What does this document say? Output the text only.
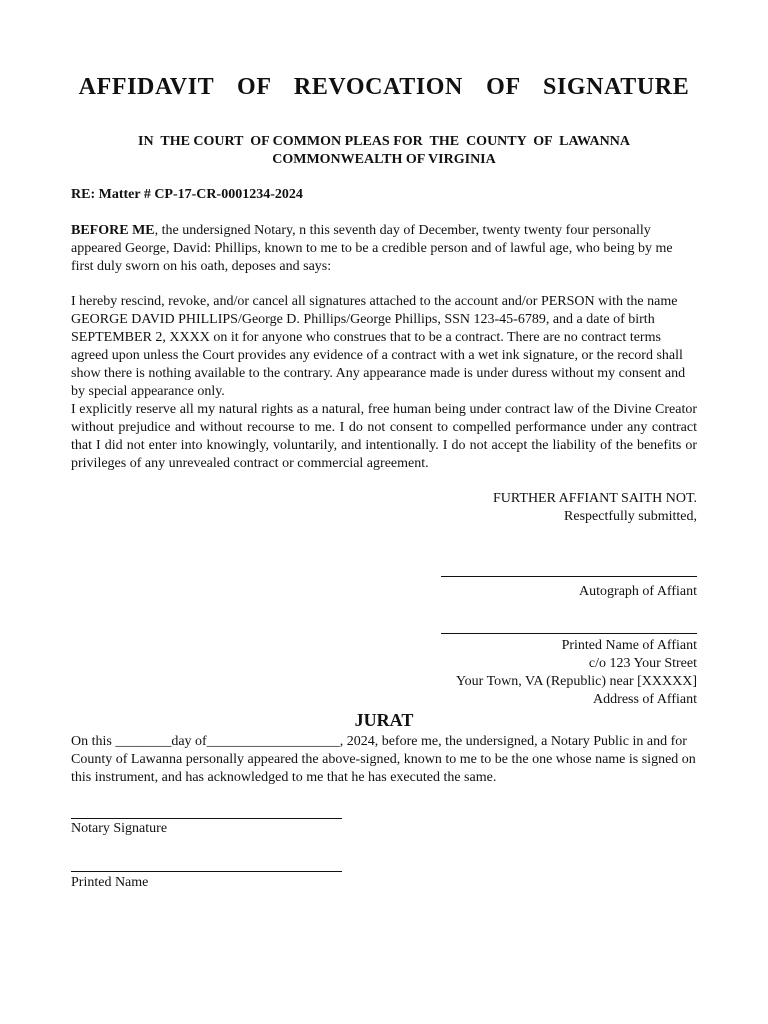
AFFIDAVIT  OF  REVOCATION  OF  SIGNATURE
IN  THE COURT  OF COMMON PLEAS FOR  THE  COUNTY  OF  LAWANNA
COMMONWEALTH OF VIRGINIA
RE: Matter # CP-17-CR-0001234-2024
BEFORE ME, the undersigned Notary, n this seventh day of December, twenty twenty four personally appeared George, David: Phillips, known to me to be a credible person and of lawful age, who being by me first duly sworn on his oath, deposes and says:
I hereby rescind, revoke, and/or cancel all signatures attached to the account and/or PERSON with the name GEORGE DAVID PHILLIPS/George D. Phillips/George Phillips, SSN 123-45-6789, and a date of birth SEPTEMBER 2, XXXX on it for anyone who construes that to be a contract. There are no contract terms agreed upon unless the Court provides any evidence of a contract with a wet ink signature, or the record shall show there is nothing available to the contrary. Any appearance made is under duress without my consent and by special appearance only.
I explicitly reserve all my natural rights as a natural, free human being under contract law of the Divine Creator without prejudice and without recourse to me. I do not consent to compelled performance under any contract that I did not enter into knowingly, voluntarily, and intentionally. I do not accept the liability of the benefits or privileges of any unrevealed contract or commercial agreement.
FURTHER AFFIANT SAITH NOT.
Respectfully submitted,
Autograph of Affiant
Printed Name of Affiant
c/o 123 Your Street
Your Town, VA (Republic) near [XXXXX]
Address of Affiant
JURAT
On this ________day of___________________, 2024, before me, the undersigned, a Notary Public in and for County of Lawanna personally appeared the above-signed, known to me to be the one whose name is signed on this instrument, and has acknowledged to me that he has executed the same.
Notary Signature
Printed Name
